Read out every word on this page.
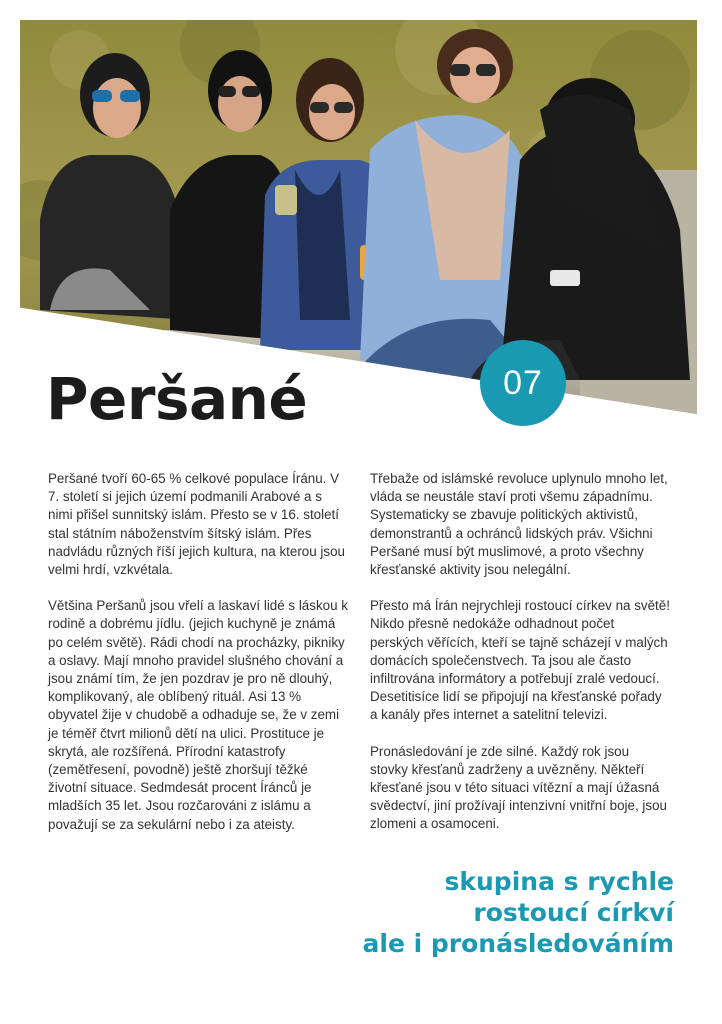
07
Peršané

Peršané tvoří 60-65 % celkové populace Íránu. V 7. století si jejich území podmanili Arabové a s nimi přišel sunnitský islám. Přesto se v 16. století stal státním náboženstvím šítský islám. Přes nadvládu různých říší jejich kultura, na kterou jsou velmi hrdí, vzkvétala.

Většina Peršanů jsou vřelí a laskaví lidé s láskou k rodině a dobrému jídlu. (jejich kuchyně je známá po celém světě). Rádi chodí na procházky, pikniky a oslavy. Mají mnoho pravidel slušného chování a jsou známí tím, že jen pozdrav je pro ně dlouhý, komplikovaný, ale oblíbený rituál. Asi 13 % obyvatel žije v chudobě a odhaduje se, že v zemi je téměř čtvrt milionů dětí na ulici. Prostituce je skrytá, ale rozšířená. Přírodní katastrofy (zemětřesení, povodně) ještě zhoršují těžké životní situace. Sedmdesát procent Íránců je mladších 35 let. Jsou rozčarováni z islámu a považují se za sekulární nebo i za ateisty.

Třebaže od islámské revoluce uplynulo mnoho let, vláda se neustále staví proti všemu západnímu. Systematicky se zbavuje politických aktivistů, demonstrantů a ochránců lidských práv. Všichni Peršané musí být muslimové, a proto všechny křesťanské aktivity jsou nelegální.

Přesto má Írán nejrychleji rostoucí církev na světě! Nikdo přesně nedokáže odhadnout počet perských věřících, kteří se tajně scházejí v malých domácích společenstvech. Ta jsou ale často infiltrována informátory a potřebují zralé vedoucí. Desetitisíce lidí se připojují na křesťanské pořady a kanály přes internet a satelitní televizi.

Pronásledování je zde silné. Každý rok jsou stovky křesťanů zadrženy a uvězněny. Někteří křesťané jsou v této situaci vítězní a mají úžasná svědectví, jiní prožívají intenzivní vnitřní boje, jsou zlomeni a osamoceni.

skupina s rychle
rostoucí církví
ale i pronásledováním
